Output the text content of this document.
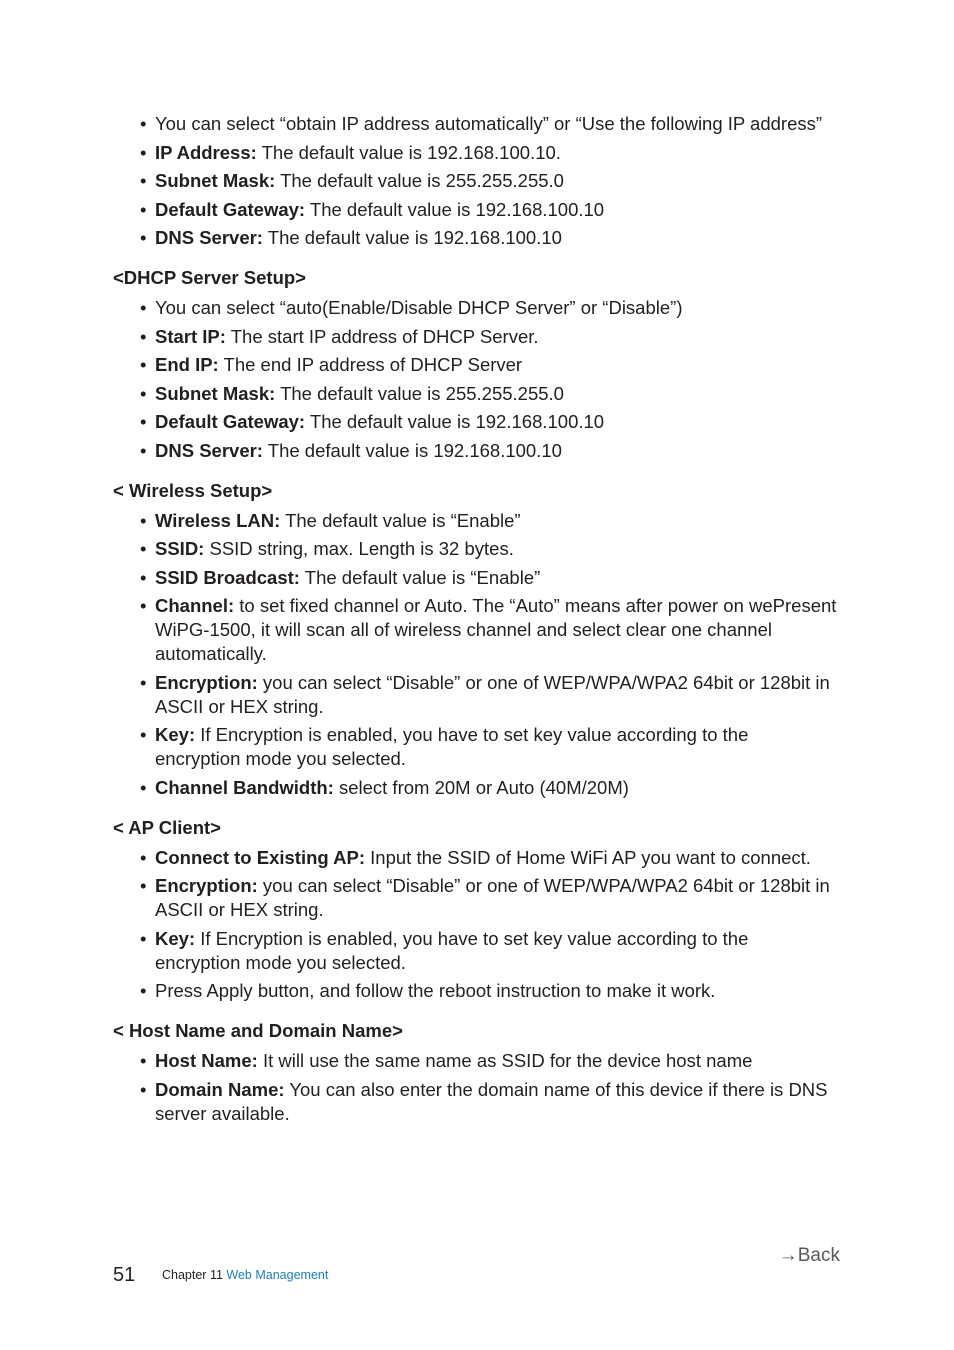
• You can select “obtain IP address automatically” or “Use the following IP address”
• IP Address: The default value is 192.168.100.10.
• Subnet Mask: The default value is 255.255.255.0
• Default Gateway: The default value is 192.168.100.10
• DNS Server: The default value is 192.168.100.10
<DHCP Server Setup>
• You can select “auto(Enable/Disable DHCP Server” or “Disable”)
• Start IP: The start IP address of DHCP Server.
• End IP: The end IP address of DHCP Server
• Subnet Mask: The default value is 255.255.255.0
• Default Gateway: The default value is 192.168.100.10
• DNS Server: The default value is 192.168.100.10
< Wireless Setup>
• Wireless LAN: The default value is “Enable”
• SSID: SSID string, max. Length is 32 bytes.
• SSID Broadcast: The default value is “Enable”
• Channel: to set fixed channel or Auto. The “Auto” means after power on wePresent WiPG-1500, it will scan all of wireless channel and select clear one channel automatically.
• Encryption: you can select “Disable” or one of WEP/WPA/WPA2 64bit or 128bit in ASCII or HEX string.
• Key: If Encryption is enabled, you have to set key value according to the encryption mode you selected.
• Channel Bandwidth: select from 20M or Auto (40M/20M)
< AP Client>
• Connect to Existing AP: Input the SSID of Home WiFi AP you want to connect.
• Encryption: you can select “Disable” or one of WEP/WPA/WPA2 64bit or 128bit in ASCII or HEX string.
• Key: If Encryption is enabled, you have to set key value according to the encryption mode you selected.
• Press Apply button, and follow the reboot instruction to make it work.
< Host Name and Domain Name>
• Host Name: It will use the same name as SSID for the device host name
• Domain Name: You can also enter the domain name of this device if there is DNS server available.
51 Chapter 11 Web Management
→Back
